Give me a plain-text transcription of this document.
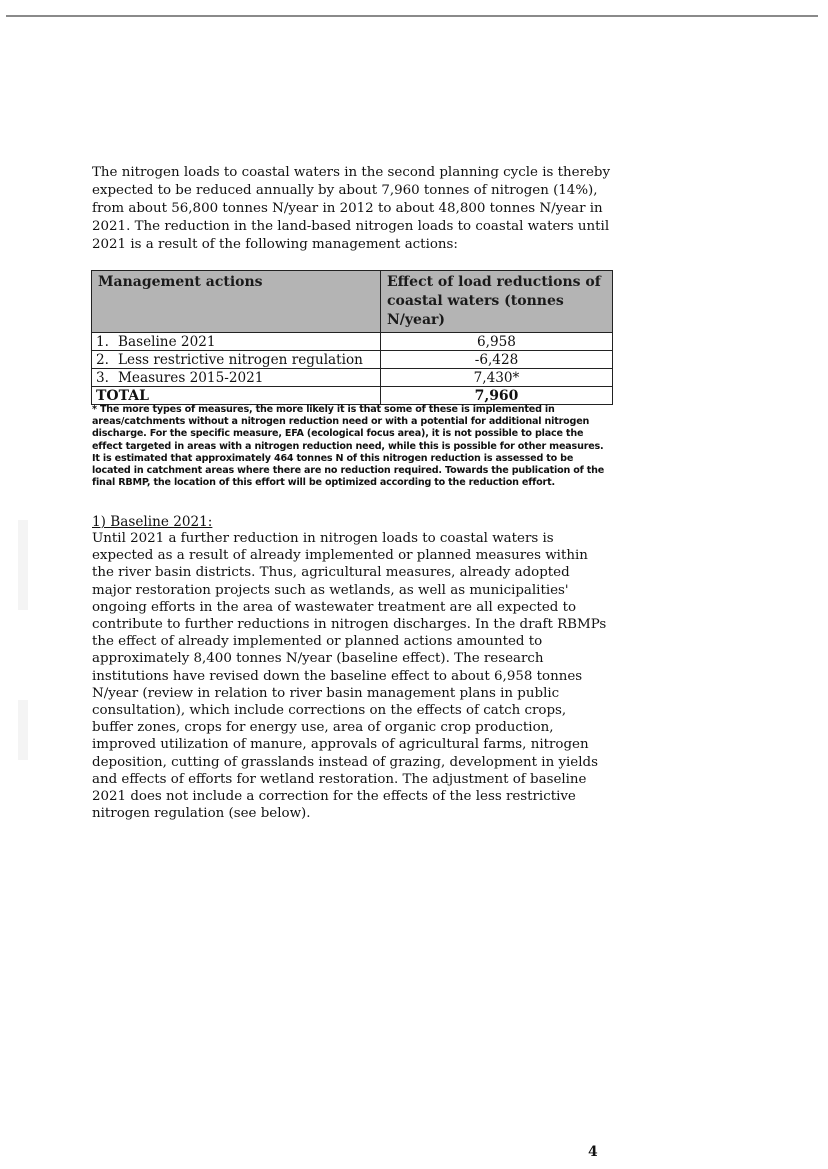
The nitrogen loads to coastal waters in the second planning cycle is thereby expected to be reduced annually by about 7,960 tonnes of nitrogen (14%), from about 56,800 tonnes N/year in 2012 to about 48,800 tonnes N/year in 2021. The reduction in the land-based nitrogen loads to coastal waters until 2021 is a result of the following management actions:

Management actions	Effect of load reductions of coastal waters (tonnes N/year)
1. Baseline 2021	6,958
2. Less restrictive nitrogen regulation	-6,428
3. Measures 2015-2021	7,430*
TOTAL	7,960

* The more types of measures, the more likely it is that some of these is implemented in areas/catchments without a nitrogen reduction need or with a potential for additional nitrogen discharge. For the specific measure, EFA (ecological focus area), it is not possible to place the effect targeted in areas with a nitrogen reduction need, while this is possible for other measures. It is estimated that approximately 464 tonnes N of this nitrogen reduction is assessed to be located in catchment areas where there are no reduction required. Towards the publication of the final RBMP, the location of this effort will be optimized according to the reduction effort.

1) Baseline 2021:

Until 2021 a further reduction in nitrogen loads to coastal waters is expected as a result of already implemented or planned measures within the river basin districts. Thus, agricultural measures, already adopted major restoration projects such as wetlands, as well as municipalities' ongoing efforts in the area of wastewater treatment are all expected to contribute to further reductions in nitrogen discharges. In the draft RBMPs the effect of already implemented or planned actions amounted to approximately 8,400 tonnes N/year (baseline effect). The research institutions have revised down the baseline effect to about 6,958 tonnes N/year (review in relation to river basin management plans in public consultation), which include corrections on the effects of catch crops, buffer zones, crops for energy use, area of organic crop production, improved utilization of manure, approvals of agricultural farms, nitrogen deposition, cutting of grasslands instead of grazing, development in yields and effects of efforts for wetland restoration. The adjustment of baseline 2021 does not include a correction for the effects of the less restrictive nitrogen regulation (see below).

4
